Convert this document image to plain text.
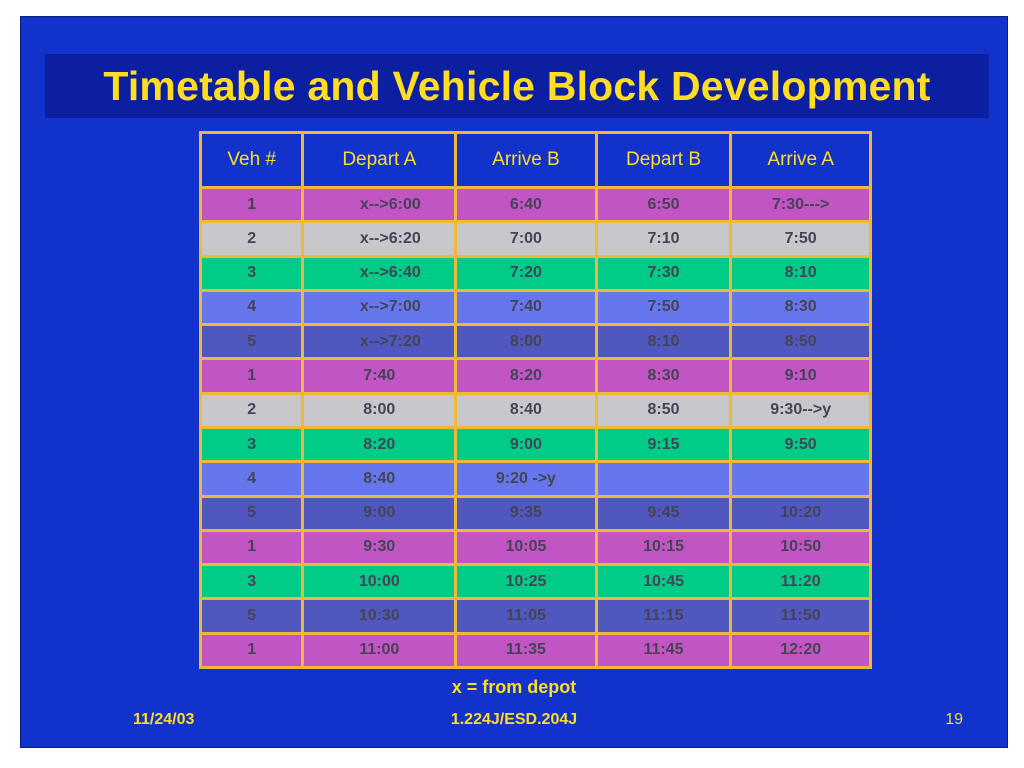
Timetable and Vehicle Block Development
Veh #	Depart A	Arrive B	Depart B	Arrive A
1	x-->6:00	6:40	6:50	7:30--->
2	x-->6:20	7:00	7:10	7:50
3	x-->6:40	7:20	7:30	8:10
4	x-->7:00	7:40	7:50	8:30
5	x-->7:20	8:00	8:10	8:50
1	7:40	8:20	8:30	9:10
2	8:00	8:40	8:50	9:30-->y
3	8:20	9:00	9:15	9:50
4	8:40	9:20 ->y		
5	9:00	9:35	9:45	10:20
1	9:30	10:05	10:15	10:50
3	10:00	10:25	10:45	11:20
5	10:30	11:05	11:15	11:50
1	11:00	11:35	11:45	12:20
x = from depot
11/24/03	1.224J/ESD.204J	19
